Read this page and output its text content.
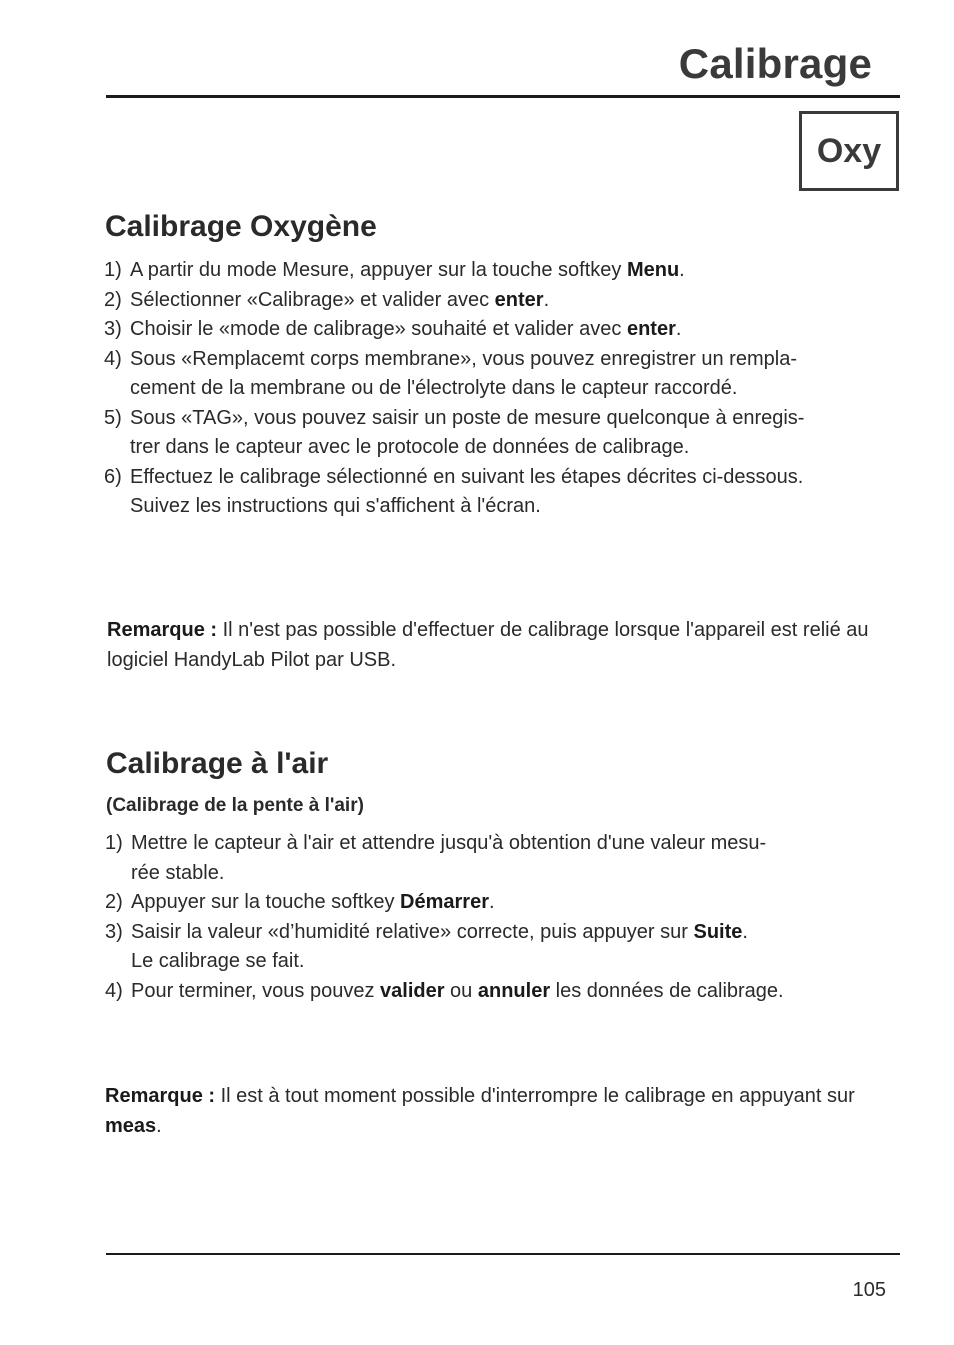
Calibrage
Oxy
Calibrage Oxygène
1) A partir du mode Mesure, appuyer sur la touche softkey Menu.
2) Sélectionner «Calibrage» et valider avec enter.
3) Choisir le «mode de calibrage» souhaité et valider avec enter.
4) Sous «Remplacemt corps membrane», vous pouvez enregistrer un rempla-
cement de la membrane ou de l'électrolyte dans le capteur raccordé.
5) Sous «TAG», vous pouvez saisir un poste de mesure quelconque à enregis-
trer dans le capteur avec le protocole de données de calibrage.
6) Effectuez le calibrage sélectionné en suivant les étapes décrites ci-dessous.
Suivez les instructions qui s'affichent à l'écran.

Remarque : Il n'est pas possible d'effectuer de calibrage lorsque l'appareil est relié au logiciel HandyLab Pilot par USB.

Calibrage à l'air
(Calibrage de la pente à l'air)
1) Mettre le capteur à l'air et attendre jusqu'à obtention d'une valeur mesu-
rée stable.
2) Appuyer sur la touche softkey Démarrer.
3) Saisir la valeur «d’humidité relative» correcte, puis appuyer sur Suite.
Le calibrage se fait.
4) Pour terminer, vous pouvez valider ou annuler les données de calibrage.

Remarque : Il est à tout moment possible d'interrompre le calibrage en appuyant sur meas.

105
